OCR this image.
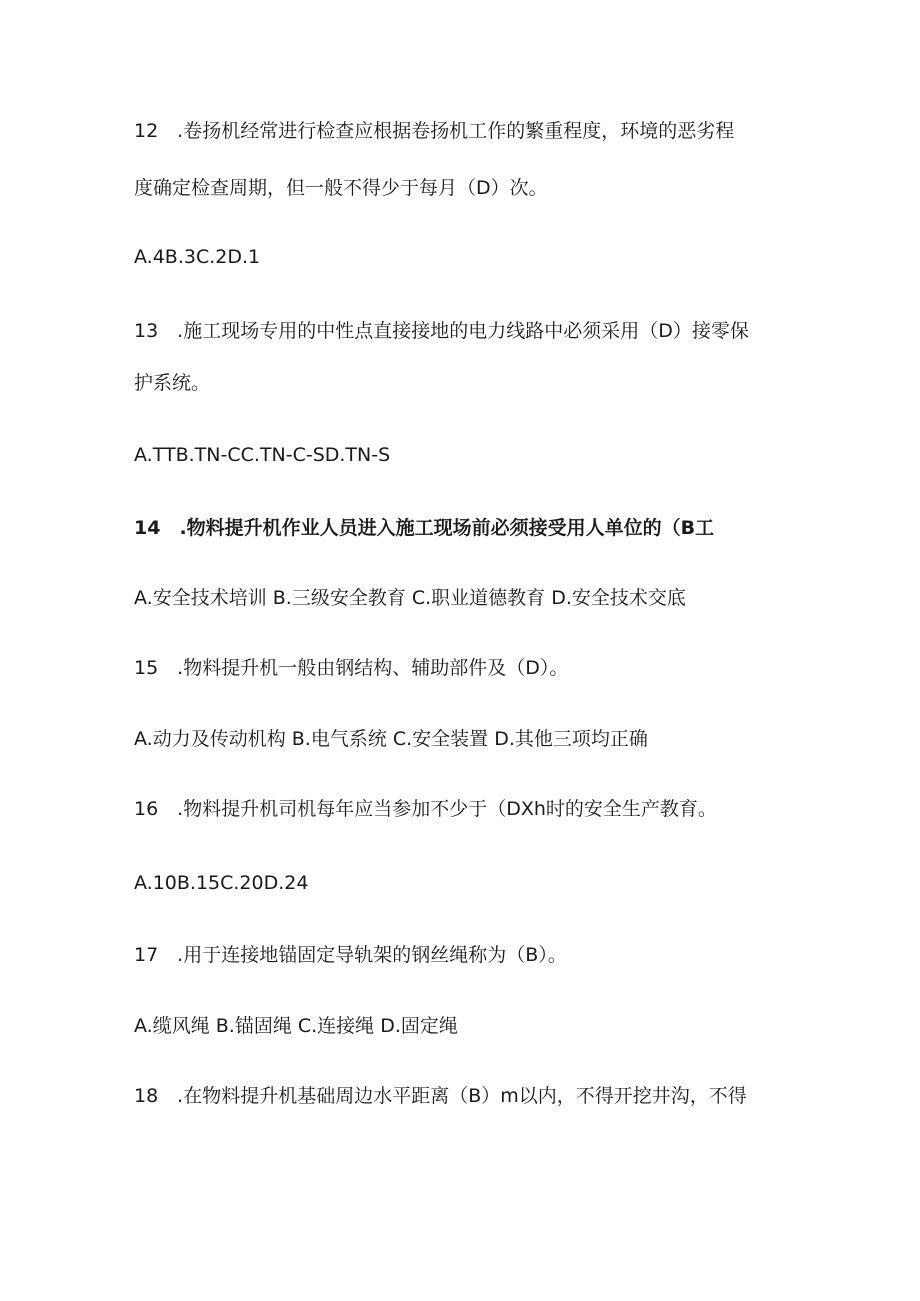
12　.卷扬机经常进行检查应根据卷扬机工作的繁重程度，环境的恶劣程
度确定检查周期，但一般不得少于每月（D）次。
A.4B.3C.2D.1
13　.施工现场专用的中性点直接接地的电力线路中必须采用（D）接零保
护系统。
A.TTB.TN-CC.TN-C-SD.TN-S
14　.物料提升机作业人员进入施工现场前必须接受用人单位的（B工
A.安全技术培训 B.三级安全教育 C.职业道德教育 D.安全技术交底
15　.物料提升机一般由钢结构、辅助部件及（D）。
A.动力及传动机构 B.电气系统 C.安全装置 D.其他三项均正确
16　.物料提升机司机每年应当参加不少于（DXh时的安全生产教育。
A.10B.15C.20D.24
17　.用于连接地锚固定导轨架的钢丝绳称为（B）。
A.缆风绳 B.锚固绳 C.连接绳 D.固定绳
18　.在物料提升机基础周边水平距离（B）m以内，不得开挖井沟，不得
